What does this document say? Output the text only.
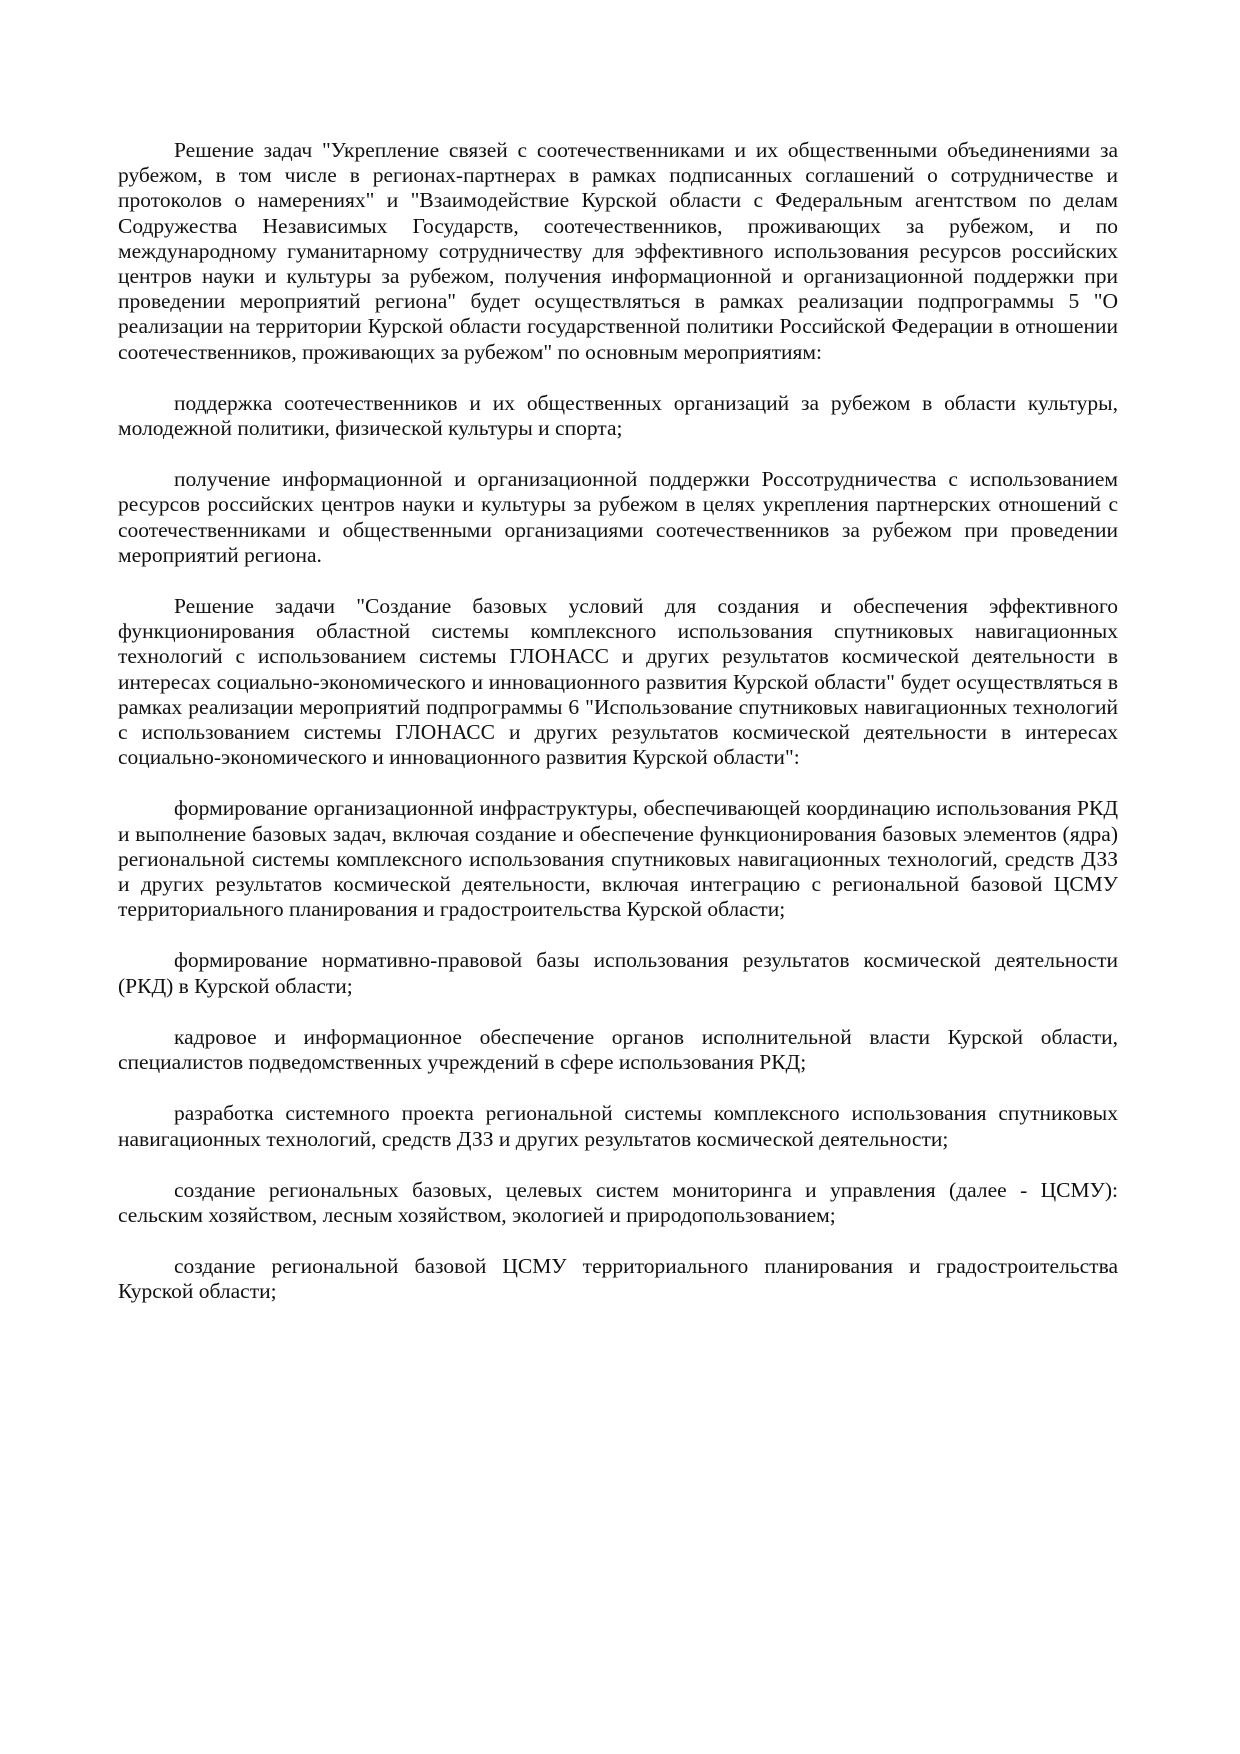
Решение задач "Укрепление связей с соотечественниками и их общественными объединениями за рубежом, в том числе в регионах-партнерах в рамках подписанных соглашений о сотрудничестве и протоколов о намерениях" и "Взаимодействие Курской области с Федеральным агентством по делам Содружества Независимых Государств, соотечественников, проживающих за рубежом, и по международному гуманитарному сотрудничеству для эффективного использования ресурсов российских центров науки и культуры за рубежом, получения информационной и организационной поддержки при проведении мероприятий региона" будет осуществляться в рамках реализации подпрограммы 5 "О реализации на территории Курской области государственной политики Российской Федерации в отношении соотечественников, проживающих за рубежом" по основным мероприятиям:

поддержка соотечественников и их общественных организаций за рубежом в области культуры, молодежной политики, физической культуры и спорта;

получение информационной и организационной поддержки Россотрудничества с использованием ресурсов российских центров науки и культуры за рубежом в целях укрепления партнерских отношений с соотечественниками и общественными организациями соотечественников за рубежом при проведении мероприятий региона.

Решение задачи "Создание базовых условий для создания и обеспечения эффективного функционирования областной системы комплексного использования спутниковых навигационных технологий с использованием системы ГЛОНАСС и других результатов космической деятельности в интересах социально-экономического и инновационного развития Курской области" будет осуществляться в рамках реализации мероприятий подпрограммы 6 "Использование спутниковых навигационных технологий с использованием системы ГЛОНАСС и других результатов космической деятельности в интересах социально-экономического и инновационного развития Курской области":

формирование организационной инфраструктуры, обеспечивающей координацию использования РКД и выполнение базовых задач, включая создание и обеспечение функционирования базовых элементов (ядра) региональной системы комплексного использования спутниковых навигационных технологий, средств ДЗЗ и других результатов космической деятельности, включая интеграцию с региональной базовой ЦСМУ территориального планирования и градостроительства Курской области;

формирование нормативно-правовой базы использования результатов космической деятельности (РКД) в Курской области;

кадровое и информационное обеспечение органов исполнительной власти Курской области, специалистов подведомственных учреждений в сфере использования РКД;

разработка системного проекта региональной системы комплексного использования спутниковых навигационных технологий, средств ДЗЗ и других результатов космической деятельности;

создание региональных базовых, целевых систем мониторинга и управления (далее - ЦСМУ): сельским хозяйством, лесным хозяйством, экологией и природопользованием;

создание региональной базовой ЦСМУ территориального планирования и градостроительства Курской области;
